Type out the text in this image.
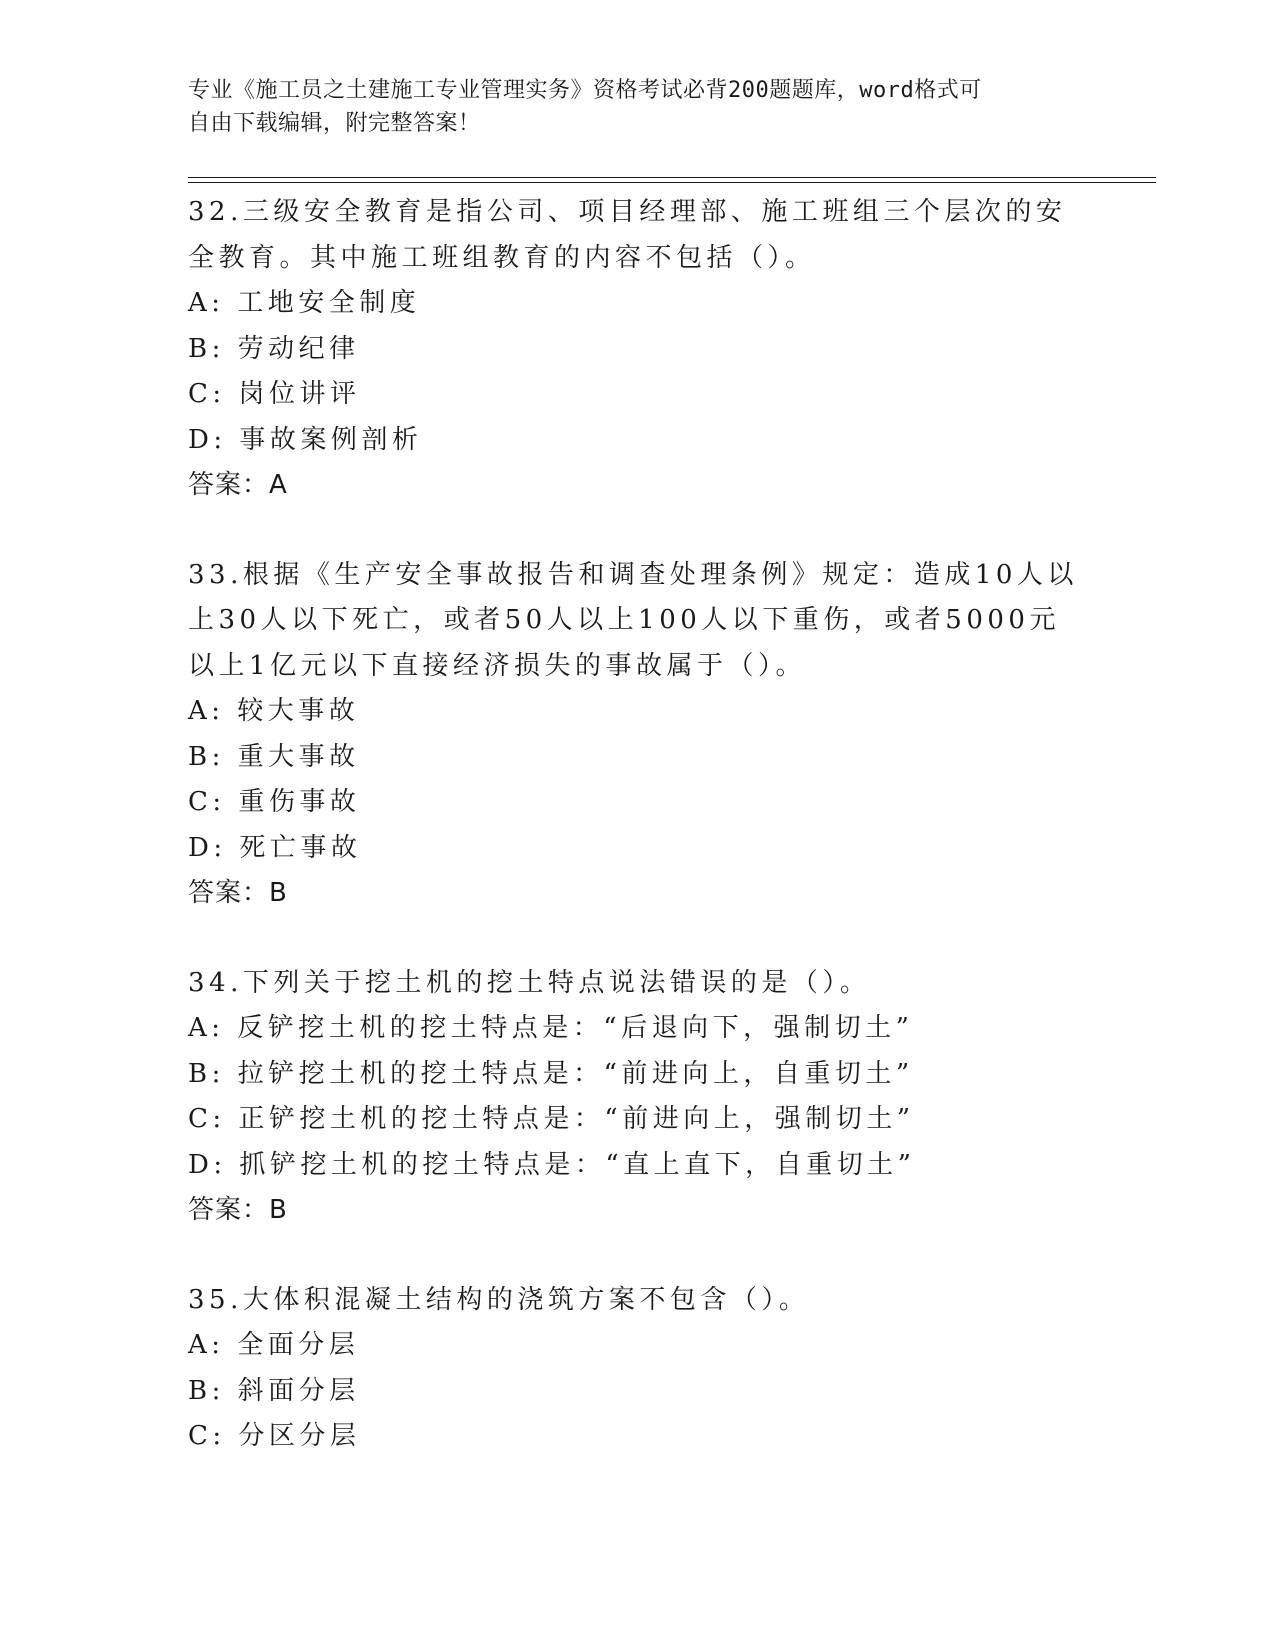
专业《施工员之土建施工专业管理实务》资格考试必背200题题库，word格式可
自由下载编辑，附完整答案！
32.三级安全教育是指公司、项目经理部、施工班组三个层次的安全教育。其中施工班组教育的内容不包括（）。
A: 工地安全制度
B: 劳动纪律
C: 岗位讲评
D: 事故案例剖析
答案：A
33.根据《生产安全事故报告和调查处理条例》规定：造成10人以上30人以下死亡，或者50人以上100人以下重伤，或者5000元以上1亿元以下直接经济损失的事故属于（）。
A: 较大事故
B: 重大事故
C: 重伤事故
D: 死亡事故
答案：B
34.下列关于挖土机的挖土特点说法错误的是（）。
A: 反铲挖土机的挖土特点是：“后退向下，强制切土”
B: 拉铲挖土机的挖土特点是：“前进向上，自重切土”
C: 正铲挖土机的挖土特点是：“前进向上，强制切土”
D: 抓铲挖土机的挖土特点是：“直上直下，自重切土”
答案：B
35.大体积混凝土结构的浇筑方案不包含（）。
A: 全面分层
B: 斜面分层
C: 分区分层
